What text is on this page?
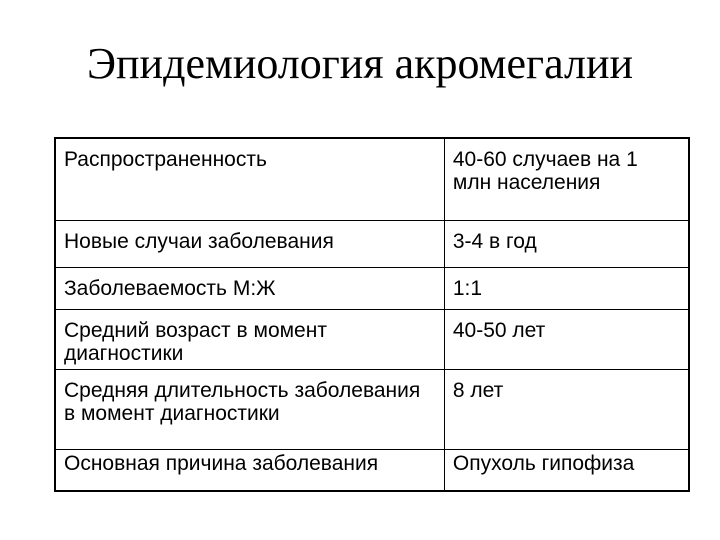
Эпидемиология акромегалии
Распространенность	40-60 случаев на 1 млн населения
Новые случаи заболевания	3-4 в год
Заболеваемость М:Ж	1:1
Средний возраст в момент диагностики	40-50 лет
Средняя длительность заболевания в момент диагностики	8 лет
Основная причина заболевания	Опухоль гипофиза
